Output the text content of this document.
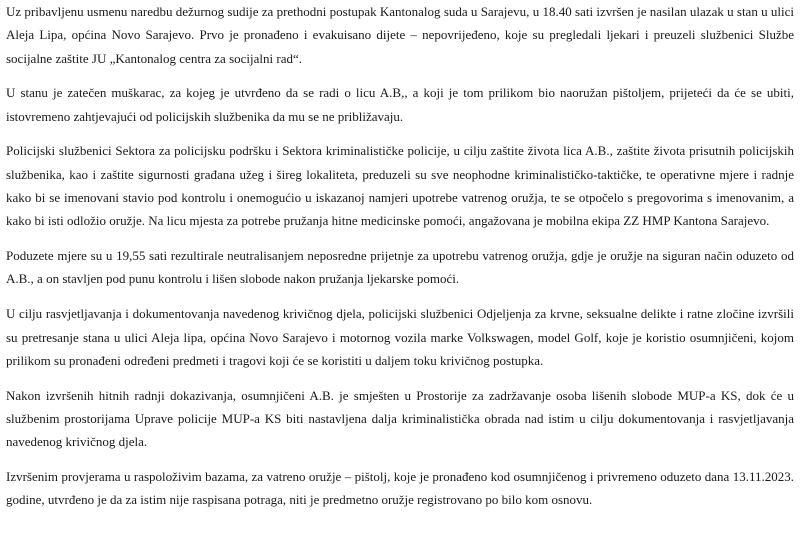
Uz pribavljenu usmenu naredbu dežurnog sudije za prethodni postupak Kantonalog suda u Sarajevu, u 18.40 sati izvršen je nasilan ulazak u stan u ulici Aleja Lipa, općina Novo Sarajevo. Prvo je pronađeno i evakuisano dijete – nepovrijeđeno, koje su pregledali ljekari i preuzeli službenici Službe socijalne zaštite JU „Kantonalog centra za socijalni rad“.

U stanu je zatečen muškarac, za kojeg je utvrđeno da se radi o licu A.B,, a koji je tom prilikom bio naoružan pištoljem, prijeteći da će se ubiti, istovremeno zahtjevajući od policijskih službenika da mu se ne približavaju.

Policijski službenici Sektora za policijsku podršku i Sektora kriminalističke policije, u cilju zaštite života lica A.B., zaštite života prisutnih policijskih službenika, kao i zaštite sigurnosti građana užeg i šireg lokaliteta, preduzeli su sve neophodne kriminalističko-taktičke, te operativne mjere i radnje kako bi se imenovani stavio pod kontrolu i onemogućio u iskazanoj namjeri upotrebe vatrenog oružja, te se otpočelo s pregovorima s imenovanim, a kako bi isti odložio oružje. Na licu mjesta za potrebe pružanja hitne medicinske pomoći, angažovana je mobilna ekipa ZZ HMP Kantona Sarajevo.

Poduzete mjere su u 19,55 sati rezultirale neutralisanjem neposredne prijetnje za upotrebu vatrenog oružja, gdje je oružje na siguran način oduzeto od A.B., a on stavljen pod punu kontrolu i lišen slobode nakon pružanja ljekarske pomoći.

U cilju rasvjetljavanja i dokumentovanja navedenog krivičnog djela, policijski službenici Odjeljenja za krvne, seksualne delikte i ratne zločine izvršili su pretresanje stana u ulici Aleja lipa, općina Novo Sarajevo i motornog vozila marke Volkswagen, model Golf, koje je koristio osumnjičeni, kojom prilikom su pronađeni određeni predmeti i tragovi koji će se koristiti u daljem toku krivičnog postupka.

Nakon izvršenih hitnih radnji dokazivanja, osumnjičeni A.B. je smješten u Prostorije za zadržavanje osoba lišenih slobode MUP-a KS, dok će u službenim prostorijama Uprave policije MUP-a KS biti nastavljena dalja kriminalistička obrada nad istim u cilju dokumentovanja i rasvjetljavanja navedenog krivičnog djela.

Izvršenim provjerama u raspoloživim bazama, za vatreno oružje – pištolj, koje je pronađeno kod osumnjičenog i privremeno oduzeto dana 13.11.2023. godine, utvrđeno je da za istim nije raspisana potraga, niti je predmetno oružje registrovano po bilo kom osnovu.
